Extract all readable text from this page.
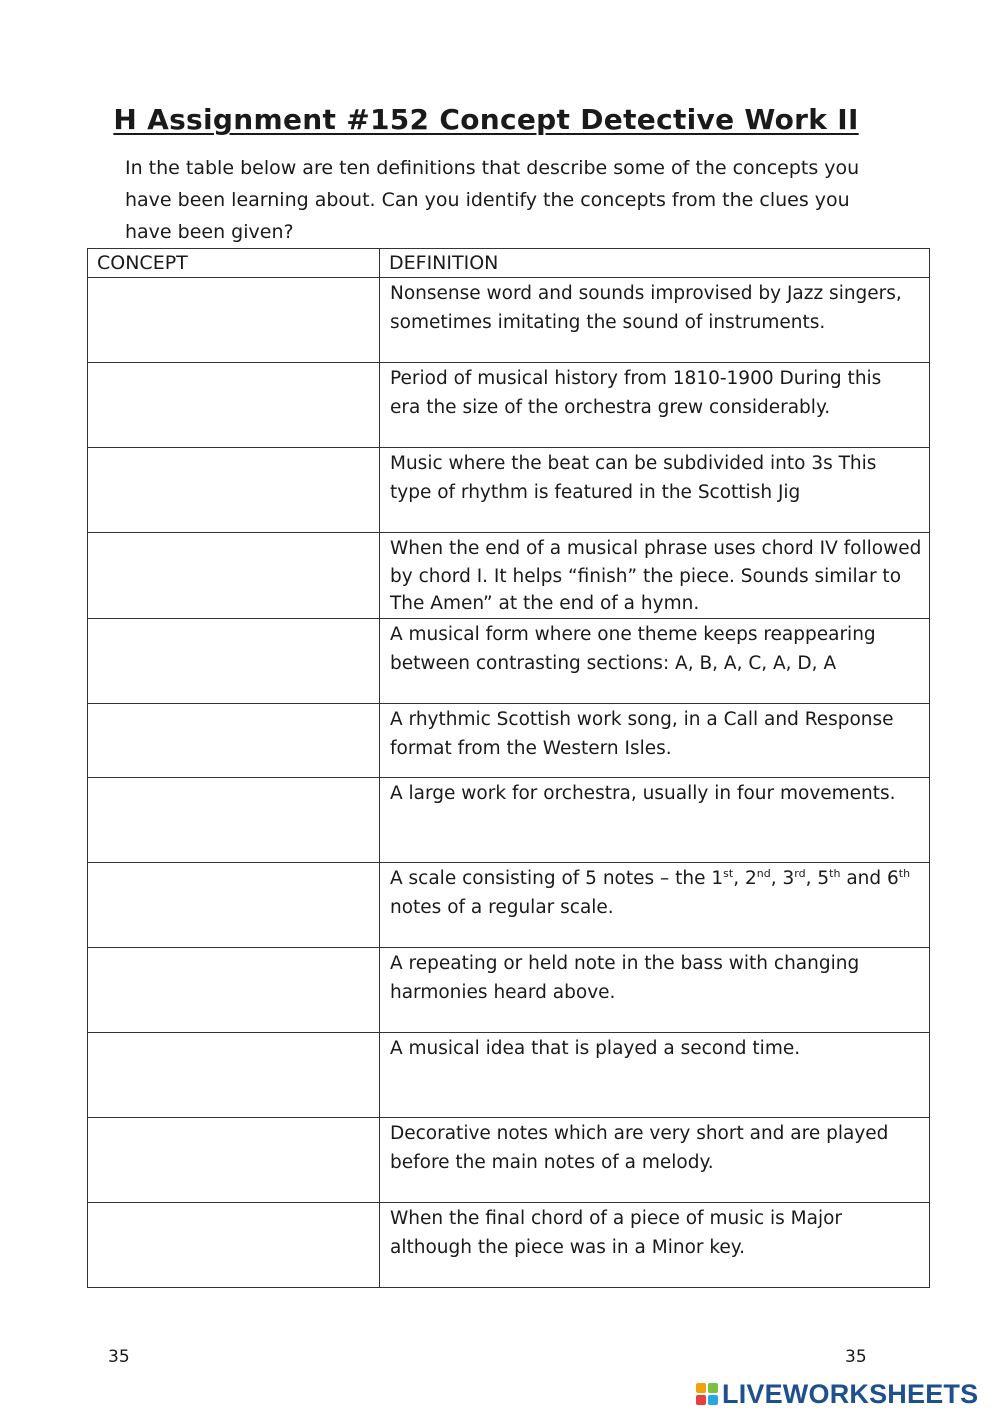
H Assignment #152 Concept Detective Work II
In the table below are ten definitions that describe some of the concepts you
have been learning about. Can you identify the concepts from the clues you
have been given?
CONCEPT	DEFINITION

	Nonsense word and sounds improvised by Jazz singers,
sometimes imitating the sound of instruments.

	Period of musical history from 1810-1900 During this
era the size of the orchestra grew considerably.

	Music where the beat can be subdivided into 3s This
type of rhythm is featured in the Scottish Jig

	When the end of a musical phrase uses chord IV followed
by chord I. It helps “finish” the piece. Sounds similar to
The Amen” at the end of a hymn.

	A musical form where one theme keeps reappearing
between contrasting sections: A, B, A, C, A, D, A

	A rhythmic Scottish work song, in a Call and Response
format from the Western Isles.

	A large work for orchestra, usually in four movements.

	A scale consisting of 5 notes – the 1st, 2nd, 3rd, 5th and 6th
notes of a regular scale.

	A repeating or held note in the bass with changing
harmonies heard above.

	A musical idea that is played a second time.

	Decorative notes which are very short and are played
before the main notes of a melody.

	When the final chord of a piece of music is Major
although the piece was in a Minor key.
35	35
LIVEWORKSHEETS
